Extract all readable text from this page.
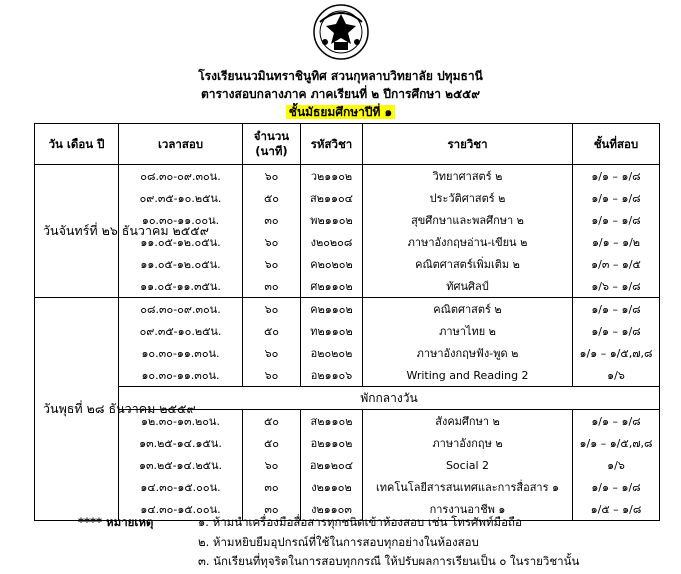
โรงเรียนนวมินทราชินูทิศ สวนกุหลาบวิทยาลัย ปทุมธานี
ตารางสอบกลางภาค ภาคเรียนที่ ๒ ปีการศึกษา ๒๕๕๙
ชั้นมัธยมศึกษาปีที่ ๑
วัน เดือน ปี	เวลาสอบ	จำนวน (นาที)	รหัสวิชา	รายวิชา	ชั้นที่สอบ
วันจันทร์ที่ ๒๖ ธันวาคม ๒๕๕๙	๐๘.๓๐-๐๙.๓๐น.	๖๐	ว๒๑๑๐๒	วิทยาศาสตร์ ๒	๑/๑ – ๑/๘
	๐๙.๓๕-๑๐.๒๕น.	๕๐	ส๒๑๑๐๔	ประวัติศาสตร์ ๒	๑/๑ – ๑/๘
	๑๐.๓๐-๑๑.๐๐น.	๓๐	พ๒๑๑๐๒	สุขศึกษาและพลศึกษา ๒	๑/๑ – ๑/๘
	๑๑.๐๕-๑๒.๐๕น.	๖๐	ง๒๐๒๐๘	ภาษาอังกฤษอ่าน-เขียน ๒	๑/๑ – ๑/๒
	๑๑.๐๕-๑๒.๐๕น.	๖๐	ค๒๐๒๐๒	คณิตศาสตร์เพิ่มเติม ๒	๑/๓ – ๑/๕
	๑๑.๐๕-๑๑.๓๕น.	๓๐	ศ๒๑๑๐๒	ทัศนศิลป์	๑/๖ – ๑/๘
วันพุธที่ ๒๘ ธันวาคม ๒๕๕๙	๐๘.๓๐-๐๙.๓๐น.	๖๐	ค๒๑๑๐๒	คณิตศาสตร์ ๒	๑/๑ – ๑/๘
	๐๙.๓๕-๑๐.๒๕น.	๕๐	ท๒๑๑๐๒	ภาษาไทย ๒	๑/๑ – ๑/๘
	๑๐.๓๐-๑๑.๓๐น.	๖๐	อ๒๐๒๐๒	ภาษาอังกฤษฟัง-พูด ๒	๑/๑ – ๑/๕,๗,๘
	๑๐.๓๐-๑๑.๓๐น.	๖๐	อ๒๑๑๐๖	Writing and Reading 2	๑/๖
	พักกลางวัน				
	๑๒.๓๐-๑๓.๒๐น.	๕๐	ส๒๑๑๐๒	สังคมศึกษา ๒	๑/๑ – ๑/๘
	๑๓.๒๕-๑๔.๑๕น.	๕๐	อ๒๑๑๐๒	ภาษาอังกฤษ ๒	๑/๑ – ๑/๕,๗,๘
	๑๓.๒๕-๑๔.๒๕น.	๖๐	อ๒๑๒๐๔	Social 2	๑/๖
	๑๔.๓๐-๑๕.๐๐น.	๓๐	ง๒๑๑๐๒	เทคโนโลยีสารสนเทศและการสื่อสาร ๑	๑/๑ – ๑/๘
	๑๔.๓๐-๑๕.๐๐น.	๓๐	ง๒๑๑๐๓	การงานอาชีพ ๑	๑/๕ – ๑/๘
**** หมายเหตุ	๑. ห้ามนำเครื่องมือสื่อสารทุกชนิดเข้าห้องสอบ เช่น โทรศัพท์มือถือ
๒. ห้ามหยิบยืมอุปกรณ์ที่ใช้ในการสอบทุกอย่างในห้องสอบ
๓. นักเรียนที่ทุจริตในการสอบทุกกรณี ให้ปรับผลการเรียนเป็น ๐ ในรายวิชานั้น
